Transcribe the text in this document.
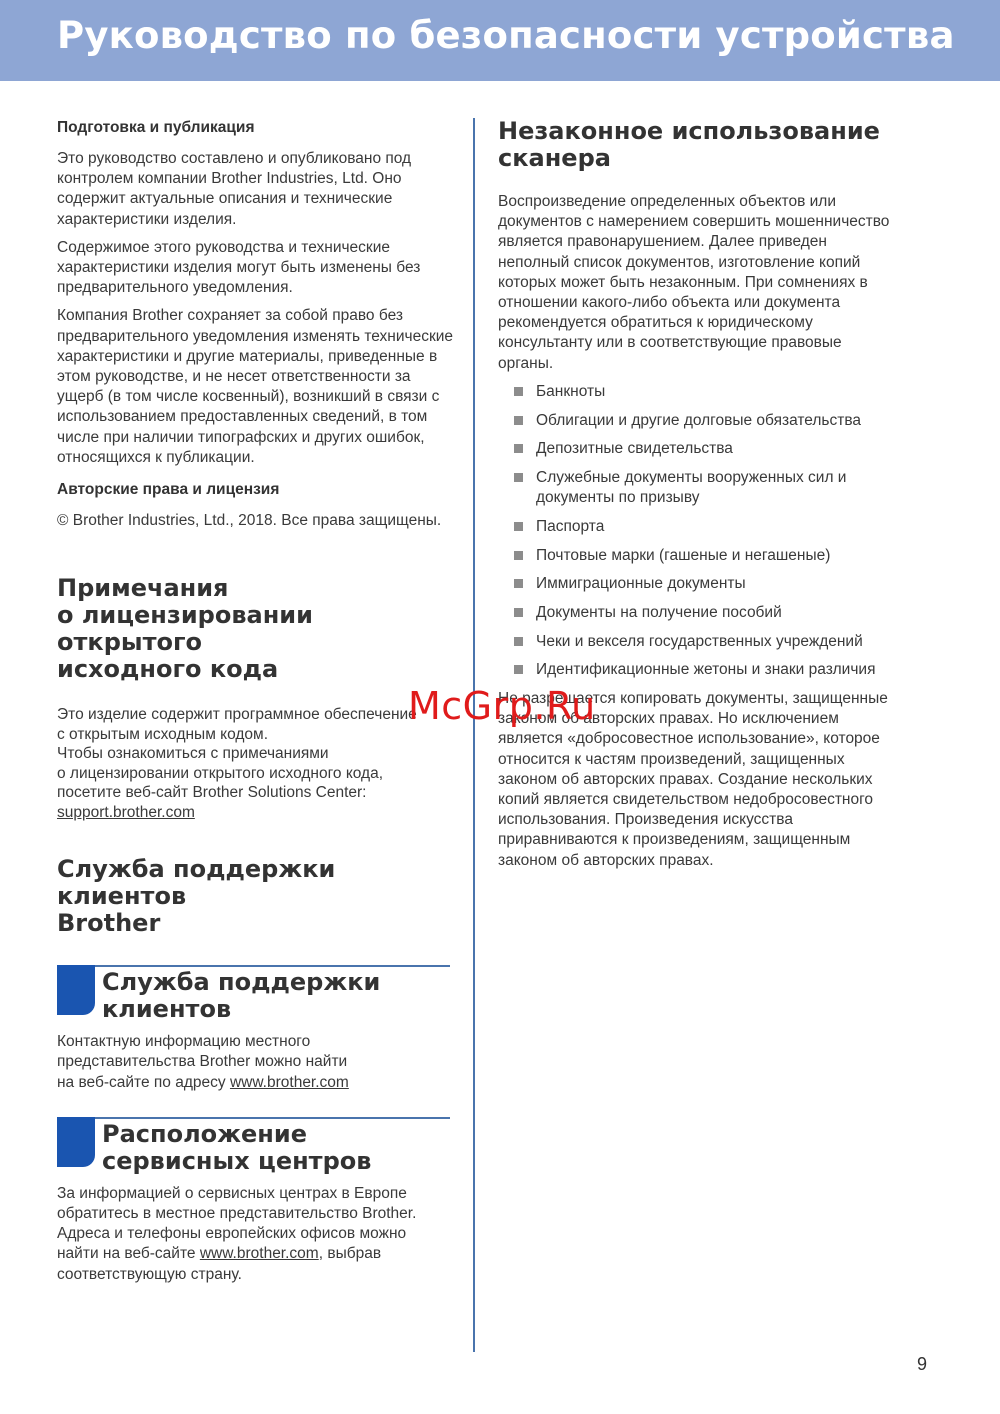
Руководство по безопасности устройства
Подготовка и публикация

Это руководство составлено и опубликовано под контролем компании Brother Industries, Ltd. Оно содержит актуальные описания и технические характеристики изделия.

Содержимое этого руководства и технические характеристики изделия могут быть изменены без предварительного уведомления.

Компания Brother сохраняет за собой право без предварительного уведомления изменять технические характеристики и другие материалы, приведенные в этом руководстве, и не несет ответственности за ущерб (в том числе косвенный), возникший в связи с использованием предоставленных сведений, в том числе при наличии типографских и других ошибок, относящихся к публикации.

Авторские права и лицензия

© Brother Industries, Ltd., 2018. Все права защищены.

Примечания
о лицензировании открытого
исходного кода

Это изделие содержит программное обеспечение
с открытым исходным кодом.
Чтобы ознакомиться с примечаниями
о лицензировании открытого исходного кода,
посетите веб-сайт Brother Solutions Center:
support.brother.com

Служба поддержки клиентов
Brother
Служба поддержки
клиентов

Контактную информацию местного
представительства Brother можно найти
на веб-сайте по адресу www.brother.com

Расположение
сервисных центров

За информацией о сервисных центрах в Европе
обратитесь в местное представительство Brother.
Адреса и телефоны европейских офисов можно
найти на веб-сайте www.brother.com, выбрав
соответствующую страну.

Незаконное использование
сканера

Воспроизведение определенных объектов или документов с намерением совершить мошенничество является правонарушением. Далее приведен неполный список документов, изготовление копий которых может быть незаконным. При сомнениях в отношении какого-либо объекта или документа рекомендуется обратиться к юридическому консультанту или в соответствующие правовые органы.

Банкноты
Облигации и другие долговые обязательства
Депозитные свидетельства
Служебные документы вооруженных сил и документы по призыву
Паспорта
Почтовые марки (гашеные и негашеные)
Иммиграционные документы
Документы на получение пособий
Чеки и векселя государственных учреждений
Идентификационные жетоны и знаки различия

Не разрешается копировать документы, защищенные законом об авторских правах. Но исключением является «добросовестное использование», которое относится к частям произведений, защищенных законом об авторских правах. Создание нескольких копий является свидетельством недобросовестного использования. Произведения искусства приравниваются к произведениям, защищенным законом об авторских правах.

McGrp.Ru
9
